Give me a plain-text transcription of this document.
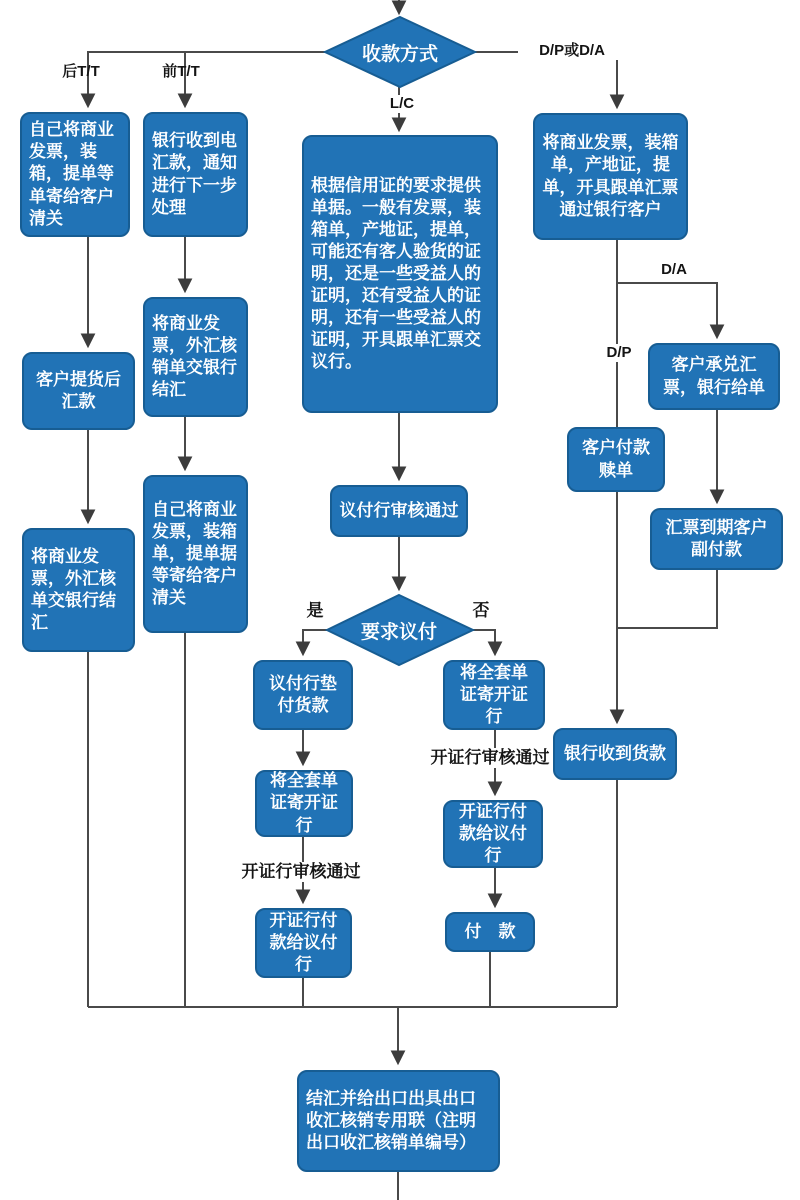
收款方式
要求议付
后T/T	前T/T
L/C
D/P或D/A
D/A
D/P
是	否
开证行审核通过
开证行审核通过
自己将商业发票，装箱，提单等单寄给客户清关
银行收到电汇款，通知进行下一步处理
客户提货后汇款
将商业发票，外汇核销单交银行结汇
将商业发票，外汇核单交银行结汇
自己将商业发票，装箱单，提单据等寄给客户清关
根据信用证的要求提供单据。一般有发票，装箱单，产地证，提单，可能还有客人验货的证明，还是一些受益人的证明，还有受益人的证明，还有一些受益人的证明，开具跟单汇票交议行。
议付行审核通过
议付行垫付货款
将全套单证寄开证行
开证行付款给议付行
将全套单证寄开证行
开证行付款给议付行
付　款
将商业发票，装箱单，产地证，提单，开具跟单汇票通过银行客户
客户承兑汇票，银行给单
客户付款赎单
汇票到期客户副付款
银行收到货款
结汇并给出口出具出口收汇核销专用联（注明出口收汇核销单编号）
